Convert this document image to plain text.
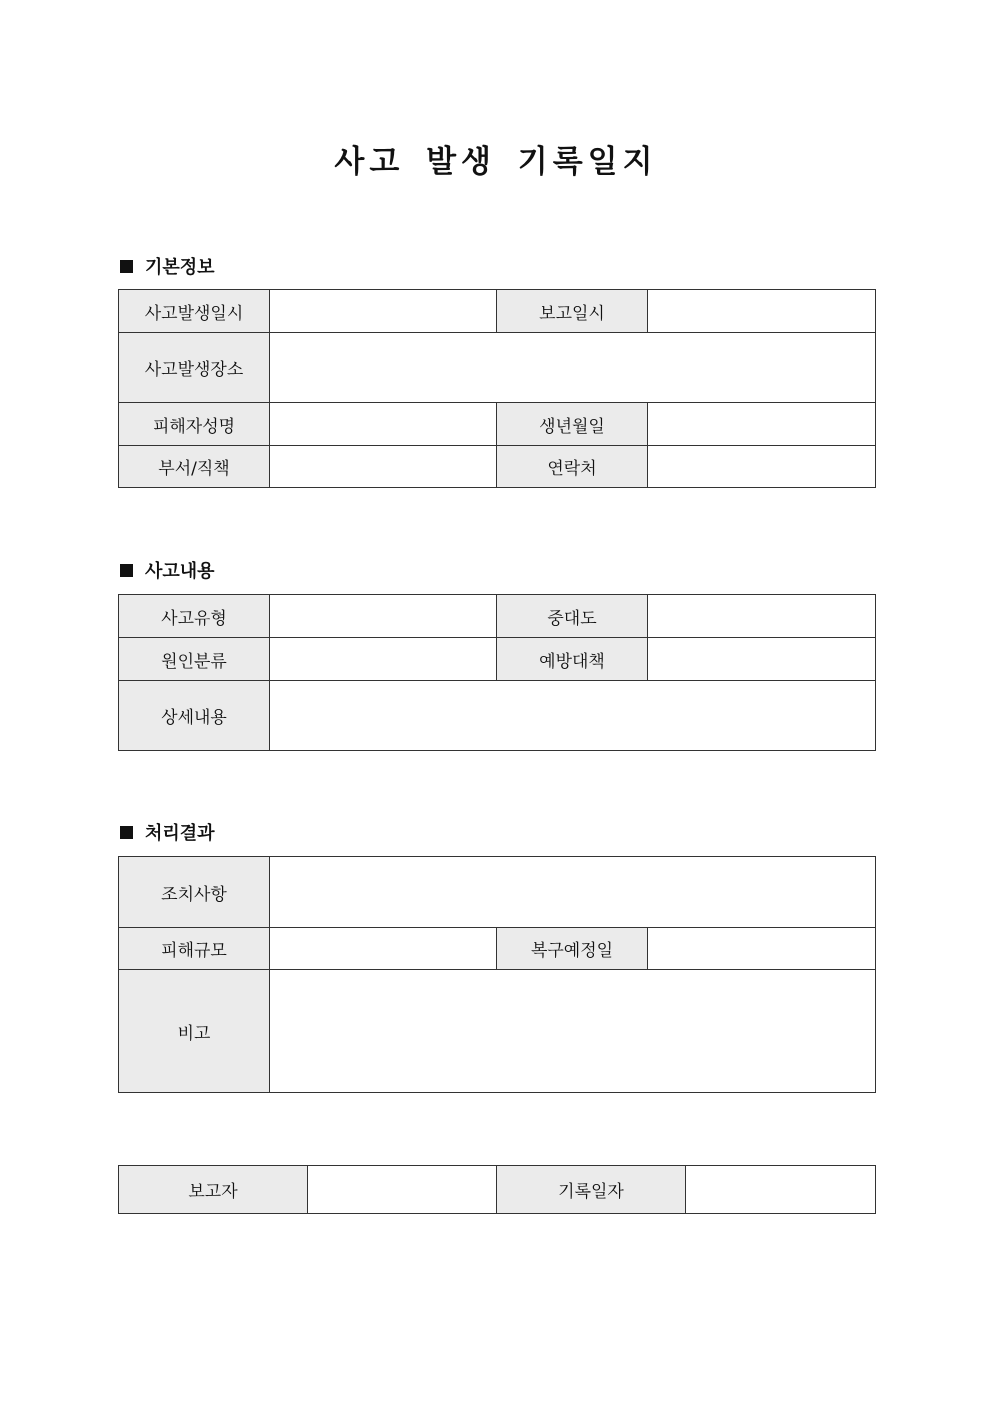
사고 발생 기록일지
기본정보
사고발생일시		보고일시	
사고발생장소			
피해자성명		생년월일	
부서/직책		연락처	
사고내용
사고유형		중대도	
원인분류		예방대책	
상세내용			
처리결과
조치사항			
피해규모		복구예정일	
비고			
보고자		기록일자	
